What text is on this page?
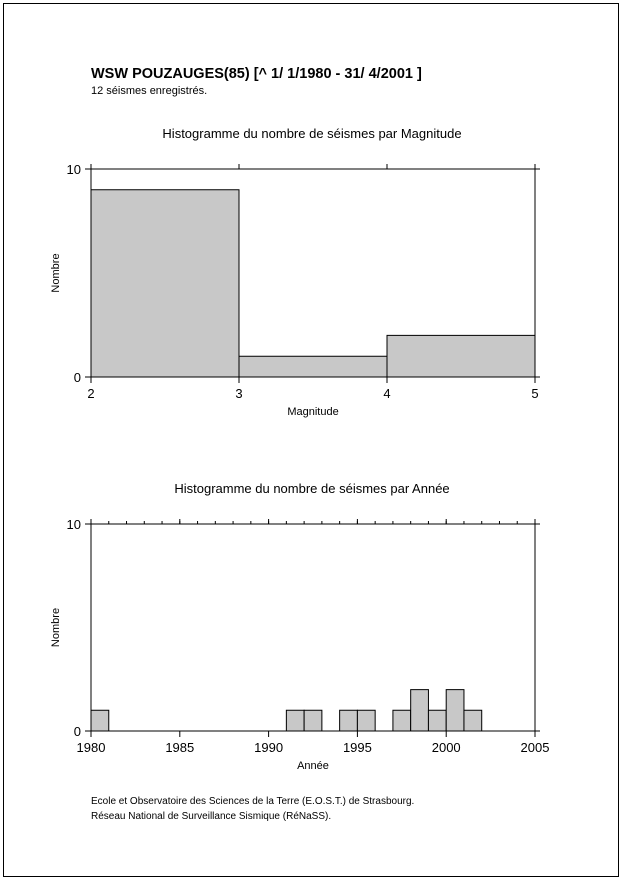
WSW POUZAUGES(85) [^ 1/ 1/1980 - 31/ 4/2001 ]
12 séismes enregistrés.
Histogramme du nombre de séismes par Magnitude
Histogramme du nombre de séismes par Année
2	3	4	5
0
10
Magnitude
Nombre
1980	1985	1990	1995	2000	2005
0
10
Année
Nombre
Ecole et Observatoire des Sciences de la Terre (E.O.S.T.) de Strasbourg.
Réseau National de Surveillance Sismique (RéNaSS).
